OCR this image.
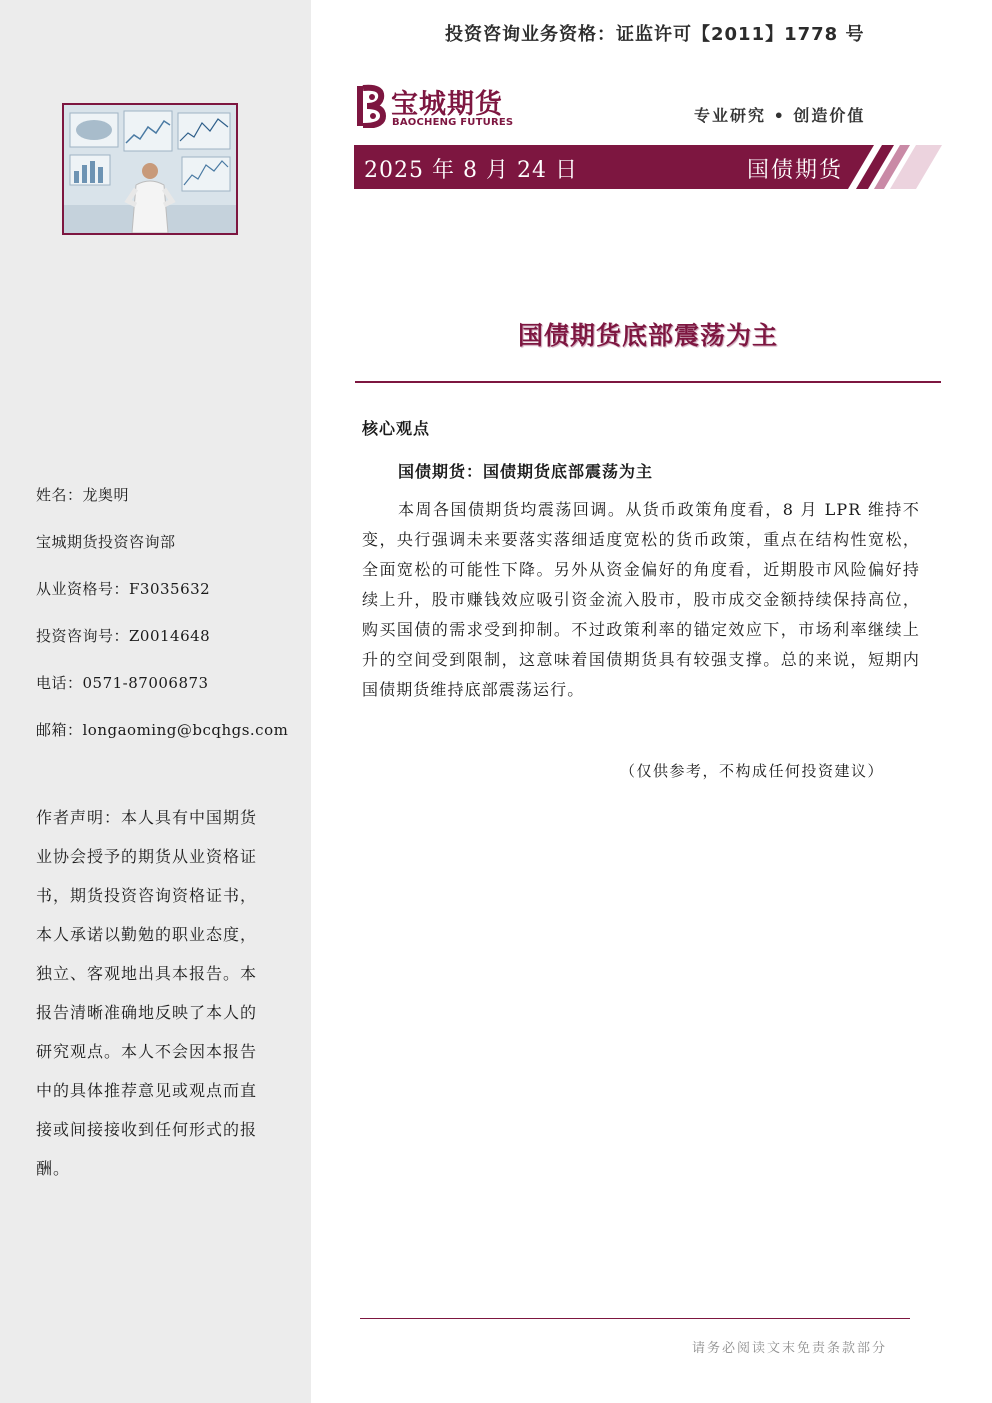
姓名：龙奥明
宝城期货投资咨询部
从业资格号：F3035632
投资咨询号：Z0014648
电话：0571-87006873
邮箱：longaoming@bcqhgs.com
作者声明：本人具有中国期货业协会授予的期货从业资格证书，期货投资咨询资格证书，本人承诺以勤勉的职业态度，独立、客观地出具本报告。本报告清晰准确地反映了本人的研究观点。本人不会因本报告中的具体推荐意见或观点而直接或间接接收到任何形式的报酬。
投资咨询业务资格：证监许可【2011】1778 号
宝城期货
BAOCHENG FUTURES	专业研究 • 创造价值
2025 年 8 月 24 日	国债期货
国债期货底部震荡为主
核心观点
国债期货：国债期货底部震荡为主
本周各国债期货均震荡回调。从货币政策角度看，8 月 LPR 维持不变，央行强调未来要落实落细适度宽松的货币政策，重点在结构性宽松，全面宽松的可能性下降。另外从资金偏好的角度看，近期股市风险偏好持续上升，股市赚钱效应吸引资金流入股市，股市成交金额持续保持高位，购买国债的需求受到抑制。不过政策利率的锚定效应下，市场利率继续上升的空间受到限制，这意味着国债期货具有较强支撑。总的来说，短期内国债期货维持底部震荡运行。
（仅供参考，不构成任何投资建议）
请务必阅读文末免责条款部分
